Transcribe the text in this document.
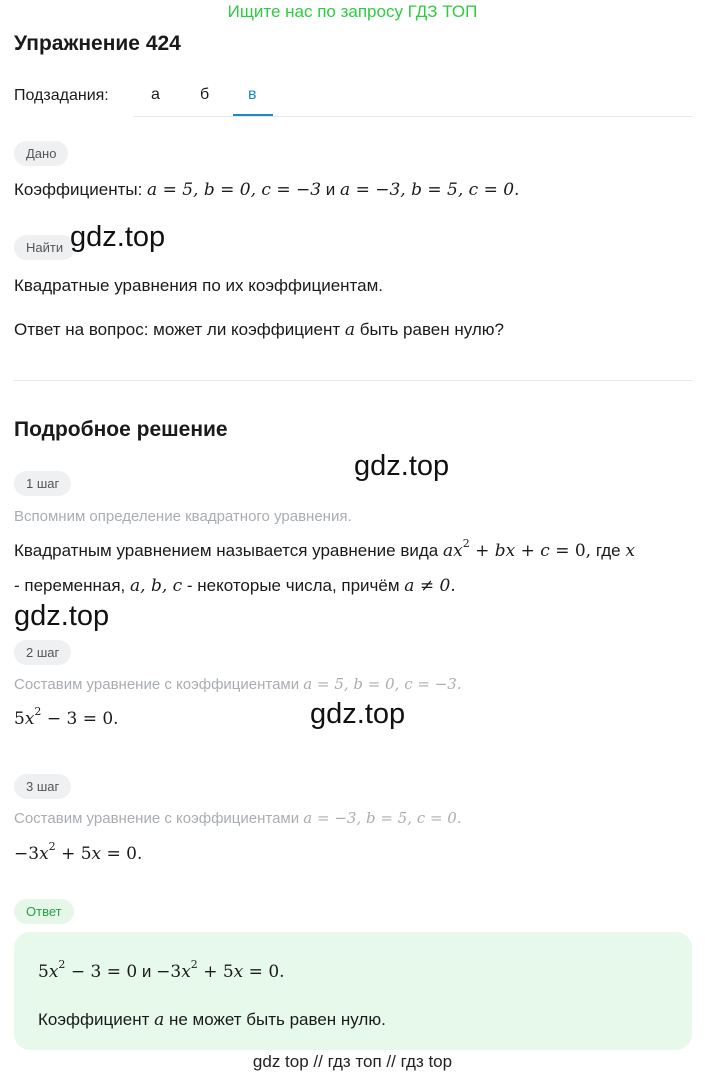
Ищите нас по запросу ГДЗ ТОП
Упражнение 424
Подзадания:	а	б в
Дано
Коэффициенты: a = 5, b = 0, c = −3 и a = −3, b = 5, c = 0.
Найти gdz.top
Квадратные уравнения по их коэффициентам.
Ответ на вопрос: может ли коэффициент a быть равен нулю?
Подробное решение
gdz.top
1 шаг
Вспомним определение квадратного уравнения.
Квадратным уравнением называется уравнение вида $ax^2$ + bx + c = 0, где x
- переменная, a, b, c - некоторые числа, причём a ≠ 0.
gdz.top
2 шаг
Составим уравнение с коэффициентами a = 5, b = 0, c = −3.
$5x^2 - 3 = 0$.	gdz.top
3 шаг
Составим уравнение с коэффициентами a = −3, b = 5, c = 0.
$-3x^2 + 5x = 0$.
Ответ
$5x^2 - 3 = 0$ $и -3x^2 + 5x = 0$.
Коэффициент a не может быть равен нулю.
gdz top // гдз топ // гдз top
